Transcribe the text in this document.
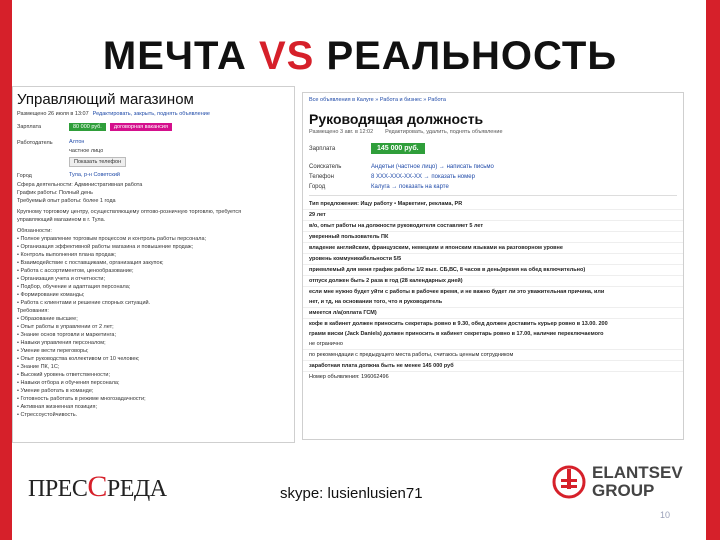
МЕЧТА VS РЕАЛЬНОСТЬ
Управляющий магазином
Размещено 26 июля в 13:07 Редактировать, закрыть, поднять объявление
Зарплата	80 000 руб.	договорная вакансия
Работодатель	Алтон
частное лицо
Показать телефон
Город	Тула, р-н Советский
Сфера деятельности: Административная работа
График работы: Полный день
Требуемый опыт работы: более 1 года
Крупному торговому центру, осуществляющему оптово-розничную торговлю, требуется
управляющий магазином в г. Тула.
Обязанности:
• Полное управление торговым процессом и контроль работы персонала;
• Организация эффективной работы магазина и повышение продаж;
• Контроль выполнения плана продаж;
• Взаимодействие с поставщиками, организация закупок;
• Работа с ассортиментом, ценообразование;
• Организация учета и отчетности;
• Подбор, обучение и адаптация персонала;
• Формирование команды;
• Работа с клиентами и решение спорных ситуаций.
Требования:
• Образование высшее;
• Опыт работы в управлении от 2 лет;
• Знание основ торговли и маркетинга;
• Навыки управления персоналом;
• Умение вести переговоры;
• Опыт руководства коллективом от 10 человек;
• Знание ПК, 1С;
• Высокий уровень ответственности;
• Навыки отбора и обучения персонала;
• Умение работать в команде;
• Готовность работать в режиме многозадачности;
• Активная жизненная позиция;
• Стрессоустойчивость.
Все объявления в Калуге » Работа и бизнес » Работа
Руководящая должность
Размещено 3 авг. в 12:02	Редактировать, удалить, поднять объявление
Зарплата	145 000 руб.
Соискатель	Андетьи (частное лицо) → написать письмо
Телефон	8 XXX-XXX-XX-XX → показать номер
Город	Калуга → показать на карте
Тип предложения: Ищу работу • Маркетинг, реклама, PR
29 лет
в/о, опыт работы на должности руководителя составляет 5 лет
уверенный пользователь ПК
владение английским, французским, немецким и японским языками на разговорном уровне
уровень коммуникабельности 5/5
приемлемый для меня график работы 1/2 вых. СБ,ВС, 8 часов в день(время на обед включительно)
отпуск должен быть 2 раза в год (28 календарных дней)
если мне нужно будет уйти с работы в рабочее время, и не важно будет ли это уважительная причина, или
нет, и тд, на основании того, что я руководитель
имеется л/а(оплата ГСМ)
кофе в кабинет должен приносить секретарь ровно в 9.30, обед должен доставить курьер ровно в 13.00. 200
грамм виски (Jack Daniels) должен приносить в кабинет секретарь ровно в 17.00, наличие переключаемого
не огранично
по рекомендации с предыдущего места работы, считаюсь ценным сотрудником
заработная плата должна быть не менее 145 000 руб
Номер объявления: 196062496
ПРЕССРЕДА	skype: lusienlusien71
ELANTSEV
GROUP
10
